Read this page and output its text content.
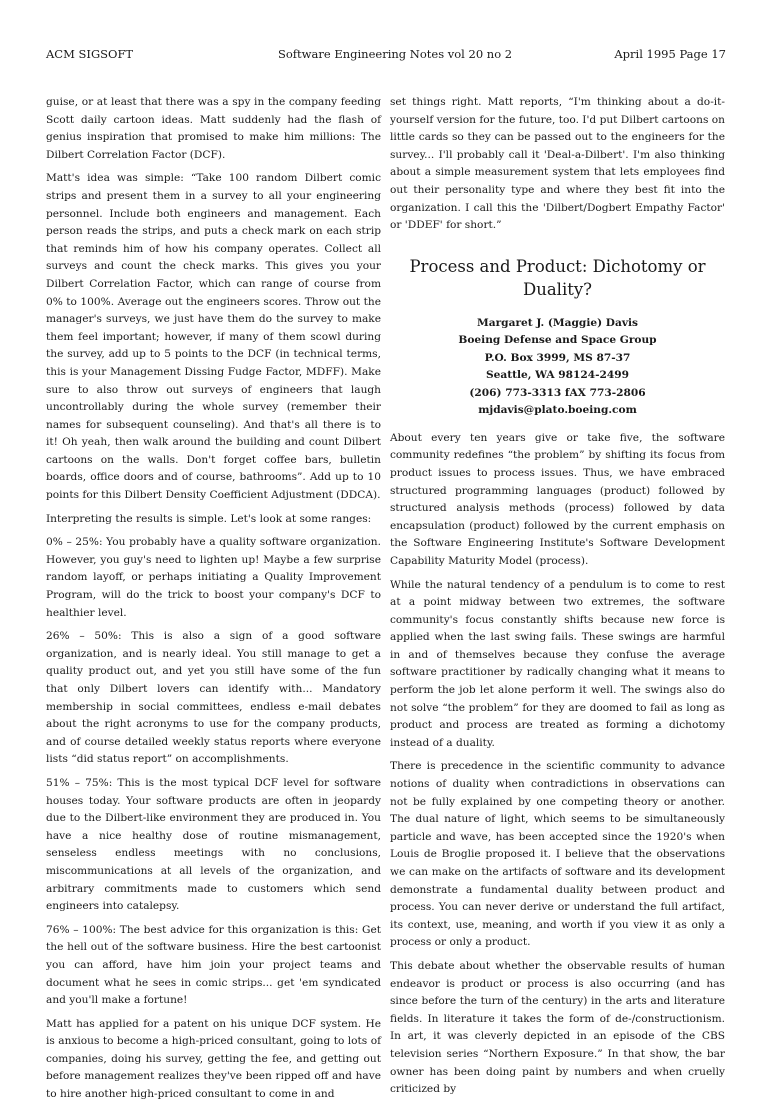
ACM SIGSOFT	Software Engineering Notes vol 20 no 2	April 1995 Page 17

guise, or at least that there was a spy in the company feeding Scott daily cartoon ideas. Matt suddenly had the flash of genius inspiration that promised to make him millions: The Dilbert Correlation Factor (DCF).

Matt's idea was simple: “Take 100 random Dilbert comic strips and present them in a survey to all your engineering personnel. Include both engineers and management. Each person reads the strips, and puts a check mark on each strip that reminds him of how his company operates. Collect all surveys and count the check marks. This gives you your Dilbert Correlation Factor, which can range of course from 0% to 100%. Average out the engineers scores. Throw out the manager's surveys, we just have them do the survey to make them feel important; however, if many of them scowl during the survey, add up to 5 points to the DCF (in technical terms, this is your Management Dissing Fudge Factor, MDFF). Make sure to also throw out surveys of engineers that laugh uncontrollably during the whole survey (remember their names for subsequent counseling). And that's all there is to it! Oh yeah, then walk around the building and count Dilbert cartoons on the walls. Don't forget coffee bars, bulletin boards, office doors and of course, bathrooms”. Add up to 10 points for this Dilbert Density Coefficient Adjustment (DDCA).

Interpreting the results is simple. Let's look at some ranges:

0% – 25%: You probably have a quality software organization. However, you guy's need to lighten up! Maybe a few surprise random layoff, or perhaps initiating a Quality Improvement Program, will do the trick to boost your company's DCF to healthier level.

26% – 50%: This is also a sign of a good software organization, and is nearly ideal. You still manage to get a quality product out, and yet you still have some of the fun that only Dilbert lovers can identify with... Mandatory membership in social committees, endless e-mail debates about the right acronyms to use for the company products, and of course detailed weekly status reports where everyone lists “did status report” on accomplishments.

51% – 75%: This is the most typical DCF level for software houses today. Your software products are often in jeopardy due to the Dilbert-like environment they are produced in. You have a nice healthy dose of routine mismanagement, senseless endless meetings with no conclusions, miscommunications at all levels of the organization, and arbitrary commitments made to customers which send engineers into catalepsy.

76% – 100%: The best advice for this organization is this: Get the hell out of the software business. Hire the best cartoonist you can afford, have him join your project teams and document what he sees in comic strips... get 'em syndicated and you'll make a fortune!

Matt has applied for a patent on his unique DCF system. He is anxious to become a high-priced consultant, going to lots of companies, doing his survey, getting the fee, and getting out before management realizes they've been ripped off and have to hire another high-priced consultant to come in and

set things right. Matt reports, “I'm thinking about a do-it-yourself version for the future, too. I'd put Dilbert cartoons on little cards so they can be passed out to the engineers for the survey... I'll probably call it 'Deal-a-Dilbert'. I'm also thinking about a simple measurement system that lets employees find out their personality type and where they best fit into the organization. I call this the 'Dilbert/Dogbert Empathy Factor' or 'DDEF' for short.”

Process and Product: Dichotomy or Duality?
Margaret J. (Maggie) Davis
Boeing Defense and Space Group
P.O. Box 3999, MS 87-37
Seattle, WA 98124-2499
(206) 773-3313 fAX 773-2806
mjdavis@plato.boeing.com

About every ten years give or take five, the software community redefines “the problem” by shifting its focus from product issues to process issues. Thus, we have embraced structured programming languages (product) followed by structured analysis methods (process) followed by data encapsulation (product) followed by the current emphasis on the Software Engineering Institute's Software Development Capability Maturity Model (process).

While the natural tendency of a pendulum is to come to rest at a point midway between two extremes, the software community's focus constantly shifts because new force is applied when the last swing fails. These swings are harmful in and of themselves because they confuse the average software practitioner by radically changing what it means to perform the job let alone perform it well. The swings also do not solve “the problem” for they are doomed to fail as long as product and process are treated as forming a dichotomy instead of a duality.

There is precedence in the scientific community to advance notions of duality when contradictions in observations can not be fully explained by one competing theory or another. The dual nature of light, which seems to be simultaneously particle and wave, has been accepted since the 1920's when Louis de Broglie proposed it. I believe that the observations we can make on the artifacts of software and its development demonstrate a fundamental duality between product and process. You can never derive or understand the full artifact, its context, use, meaning, and worth if you view it as only a process or only a product.

This debate about whether the observable results of human endeavor is product or process is also occurring (and has since before the turn of the century) in the arts and literature fields. In literature it takes the form of de-/constructionism. In art, it was cleverly depicted in an episode of the CBS television series “Northern Exposure.” In that show, the bar owner has been doing paint by numbers and when cruelly criticized by
